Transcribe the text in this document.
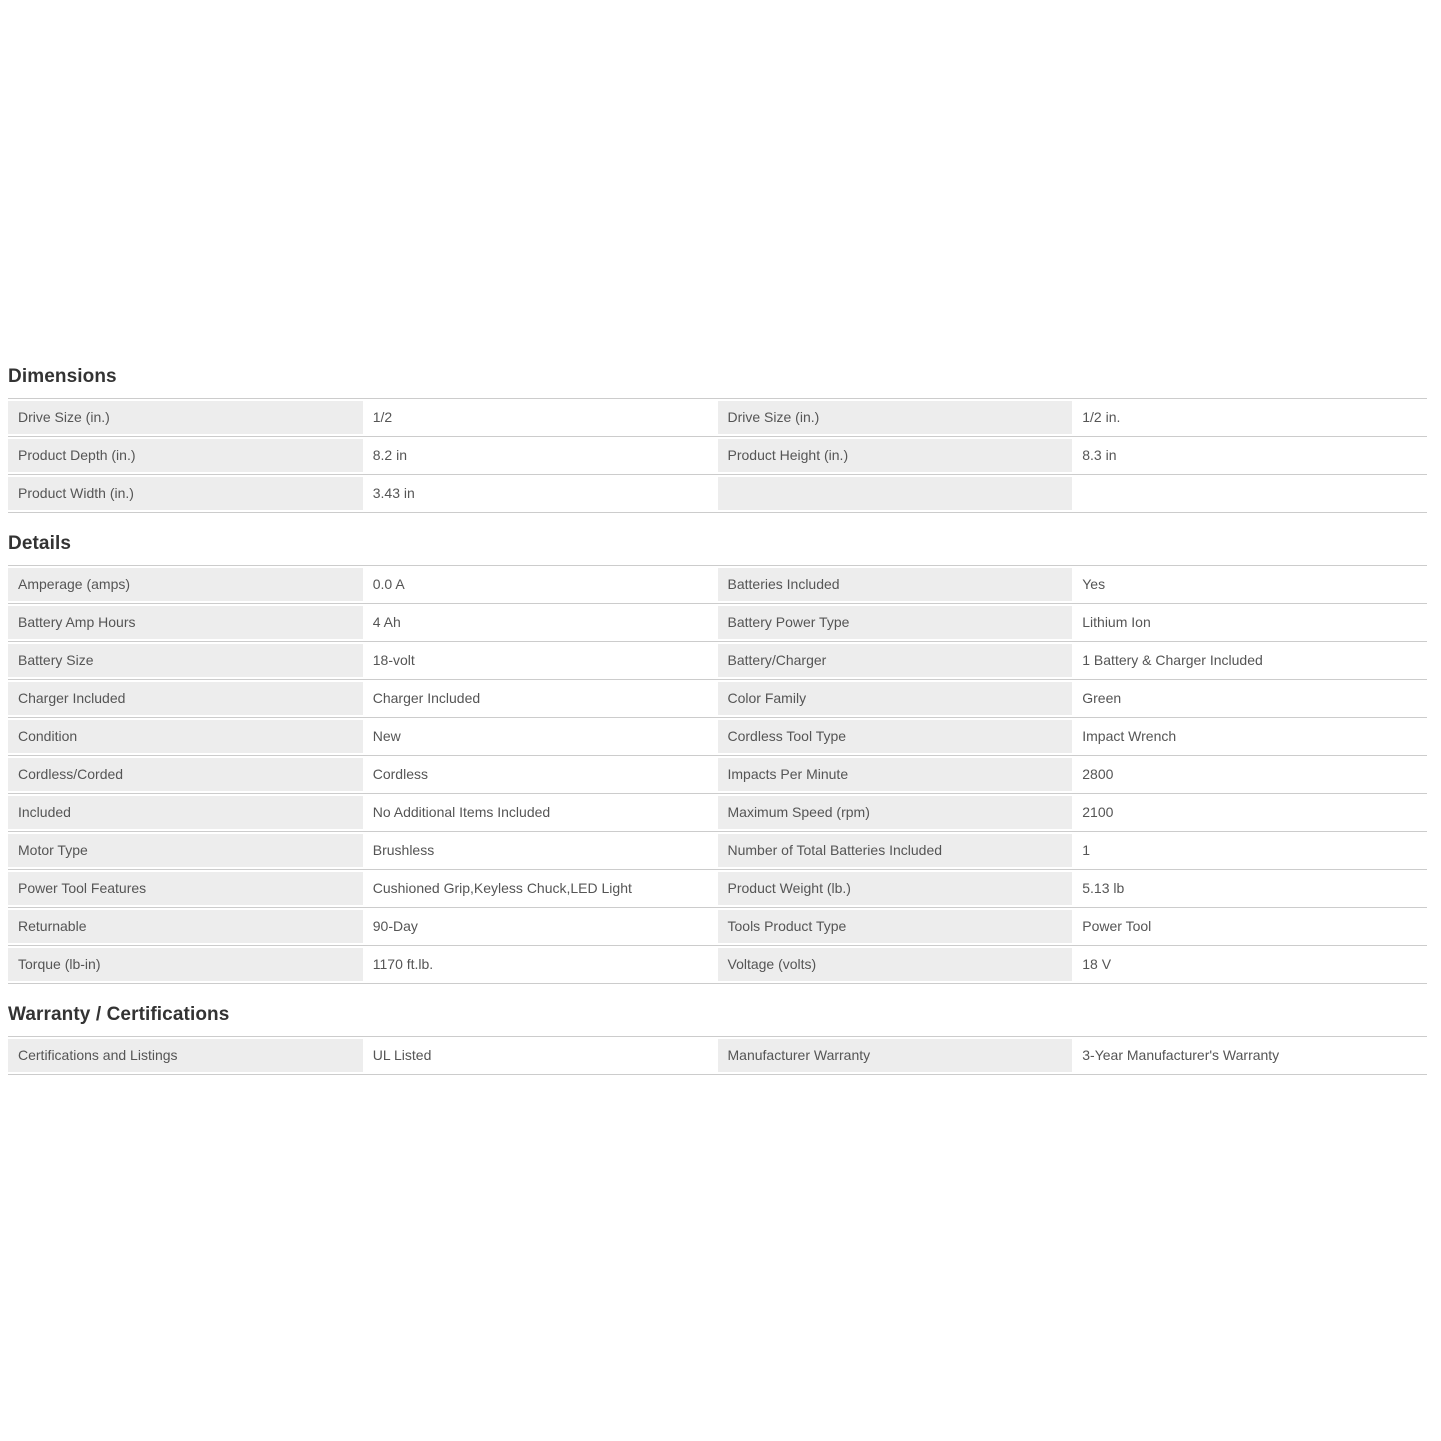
Dimensions
Drive Size (in.)	1/2	Drive Size (in.)	1/2 in.
Product Depth (in.)	8.2 in	Product Height (in.)	8.3 in
Product Width (in.)	3.43 in
Details
Amperage (amps)	0.0 A	Batteries Included	Yes
Battery Amp Hours	4 Ah	Battery Power Type	Lithium Ion
Battery Size	18-volt	Battery/Charger	1 Battery & Charger Included
Charger Included	Charger Included	Color Family	Green
Condition	New	Cordless Tool Type	Impact Wrench
Cordless/Corded	Cordless	Impacts Per Minute	2800
Included	No Additional Items Included	Maximum Speed (rpm)	2100
Motor Type	Brushless	Number of Total Batteries Included	1
Power Tool Features	Cushioned Grip,Keyless Chuck,LED Light	Product Weight (lb.)	5.13 lb
Returnable	90-Day	Tools Product Type	Power Tool
Torque (lb-in)	1170 ft.lb.	Voltage (volts)	18 V
Warranty / Certifications
Certifications and Listings	UL Listed	Manufacturer Warranty	3-Year Manufacturer's Warranty
